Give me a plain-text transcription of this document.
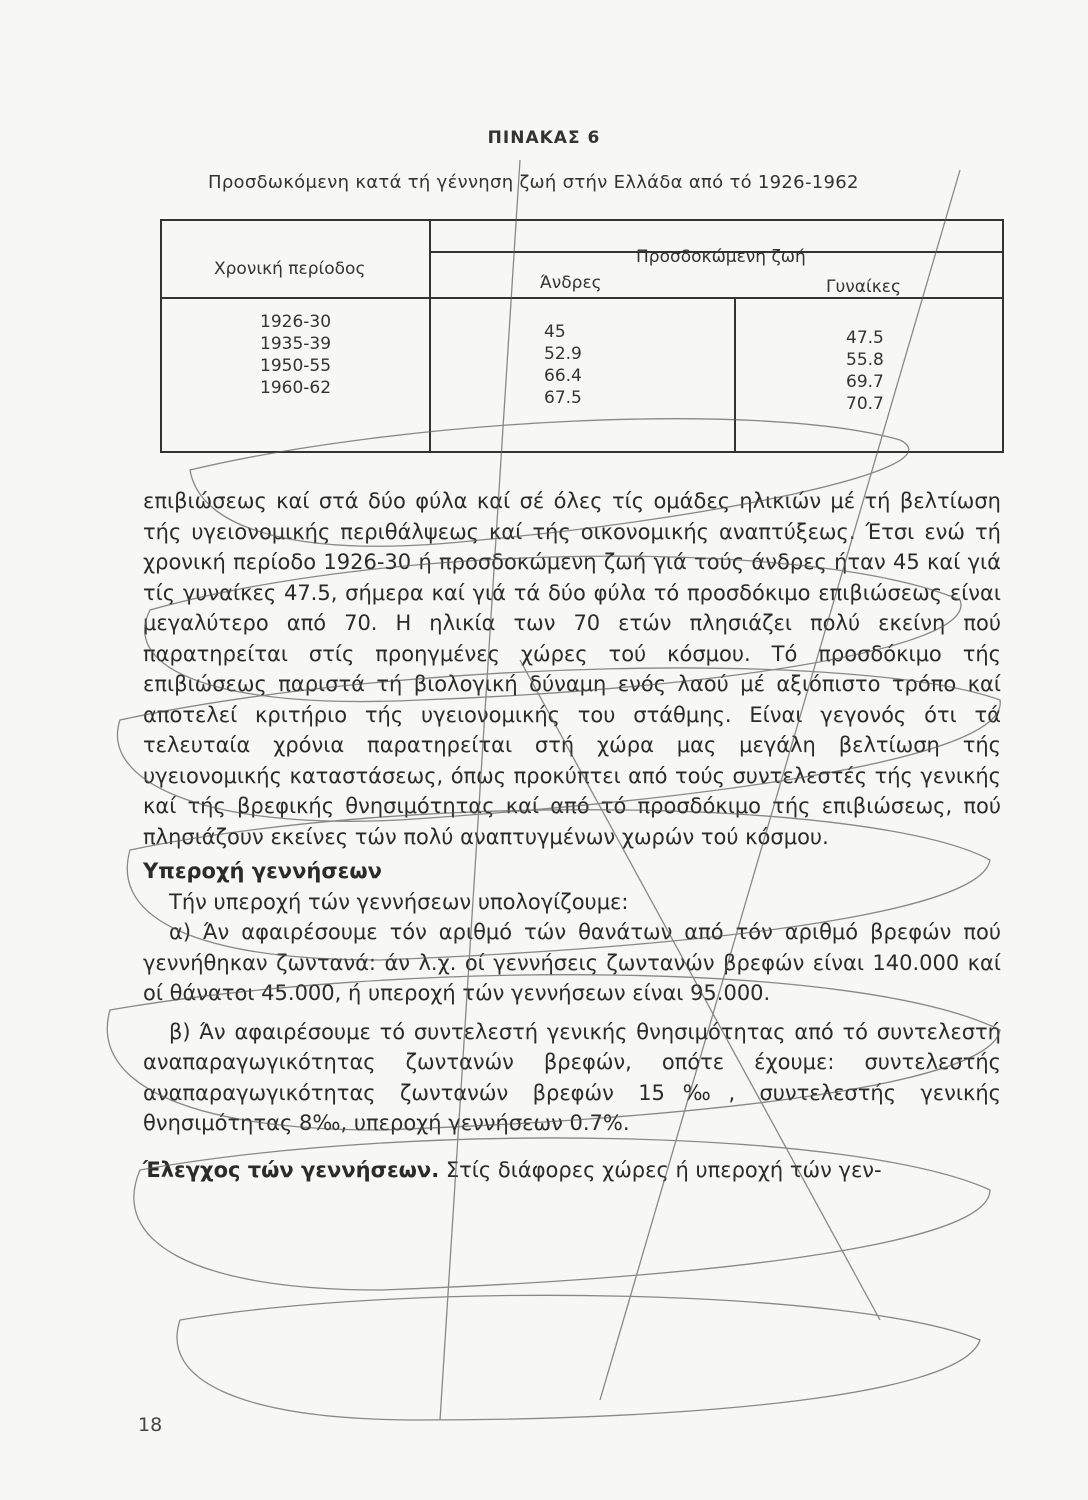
ΠΙΝΑΚΑΣ 6
Προσδωκόμενη κατά τή γέννηση ζωή στήν Ελλάδα από τό 1926-1962
Χρονική περίοδος
Προσδοκώμενη ζωή
Άνδρες	Γυναίκες
1926-30
1935-39
1950-55
1960-62
45
52.9
66.4
67.5
47.5
55.8
69.7
70.7

επιβιώσεως καί στά δύο φύλα καί σέ όλες τίς ομάδες ηλικιών μέ τή βελτίωση τής υγειονομικής περιθάλψεως καί τής οικονομικής αναπτύξεως. Έτσι ενώ τή χρονική περίοδο 1926-30 ή προσδοκώμενη ζωή γιά τούς άνδρες ήταν 45 καί γιά τίς γυναίκες 47.5, σήμερα καί γιά τά δύο φύλα τό προσδόκιμο επιβιώσεως είναι μεγαλύτερο από 70. Η ηλικία των 70 ετών πλησιάζει πολύ εκείνη πού παρατηρείται στίς προηγμένες χώρες τού κόσμου. Τό προσδόκιμο τής επιβιώσεως παριστά τή βιολογική δύναμη ενός λαού μέ αξιόπιστο τρόπο καί αποτελεί κριτήριο τής υγειονομικής του στάθμης. Είναι γεγονός ότι τά τελευταία χρόνια παρατηρείται στή χώρα μας μεγάλη βελτίωση τής υγειονομικής καταστάσεως, όπως προκύπτει από τούς συντελεστές τής γενικής καί τής βρεφικής θνησιμότητας καί από τό προσδόκιμο τής επιβιώσεως, πού πλησιάζουν εκείνες τών πολύ αναπτυγμένων χωρών τού κόσμου.

Υπεροχή γεννήσεων

Τήν υπεροχή τών γεννήσεων υπολογίζουμε:

α) Άν αφαιρέσουμε τόν αριθμό τών θανάτων από τόν αριθμό βρεφών πού γεννήθηκαν ζωντανά: άν λ.χ. οί γεννήσεις ζωντανών βρεφών είναι 140.000 καί οί θάνατοι 45.000, ή υπεροχή τών γεννήσεων είναι 95.000.

β) Άν αφαιρέσουμε τό συντελεστή γενικής θνησιμότητας από τό συντελεστή αναπαραγωγικότητας ζωντανών βρεφών, οπότε έχουμε: συντελεστής αναπαραγωγικότητας ζωντανών βρεφών 15‰, συντελεστής γενικής θνησιμότητας 8‰, υπεροχή γεννήσεων 0.7%.

Έλεγχος τών γεννήσεων. Στίς διάφορες χώρες ή υπεροχή τών γεν-

18
